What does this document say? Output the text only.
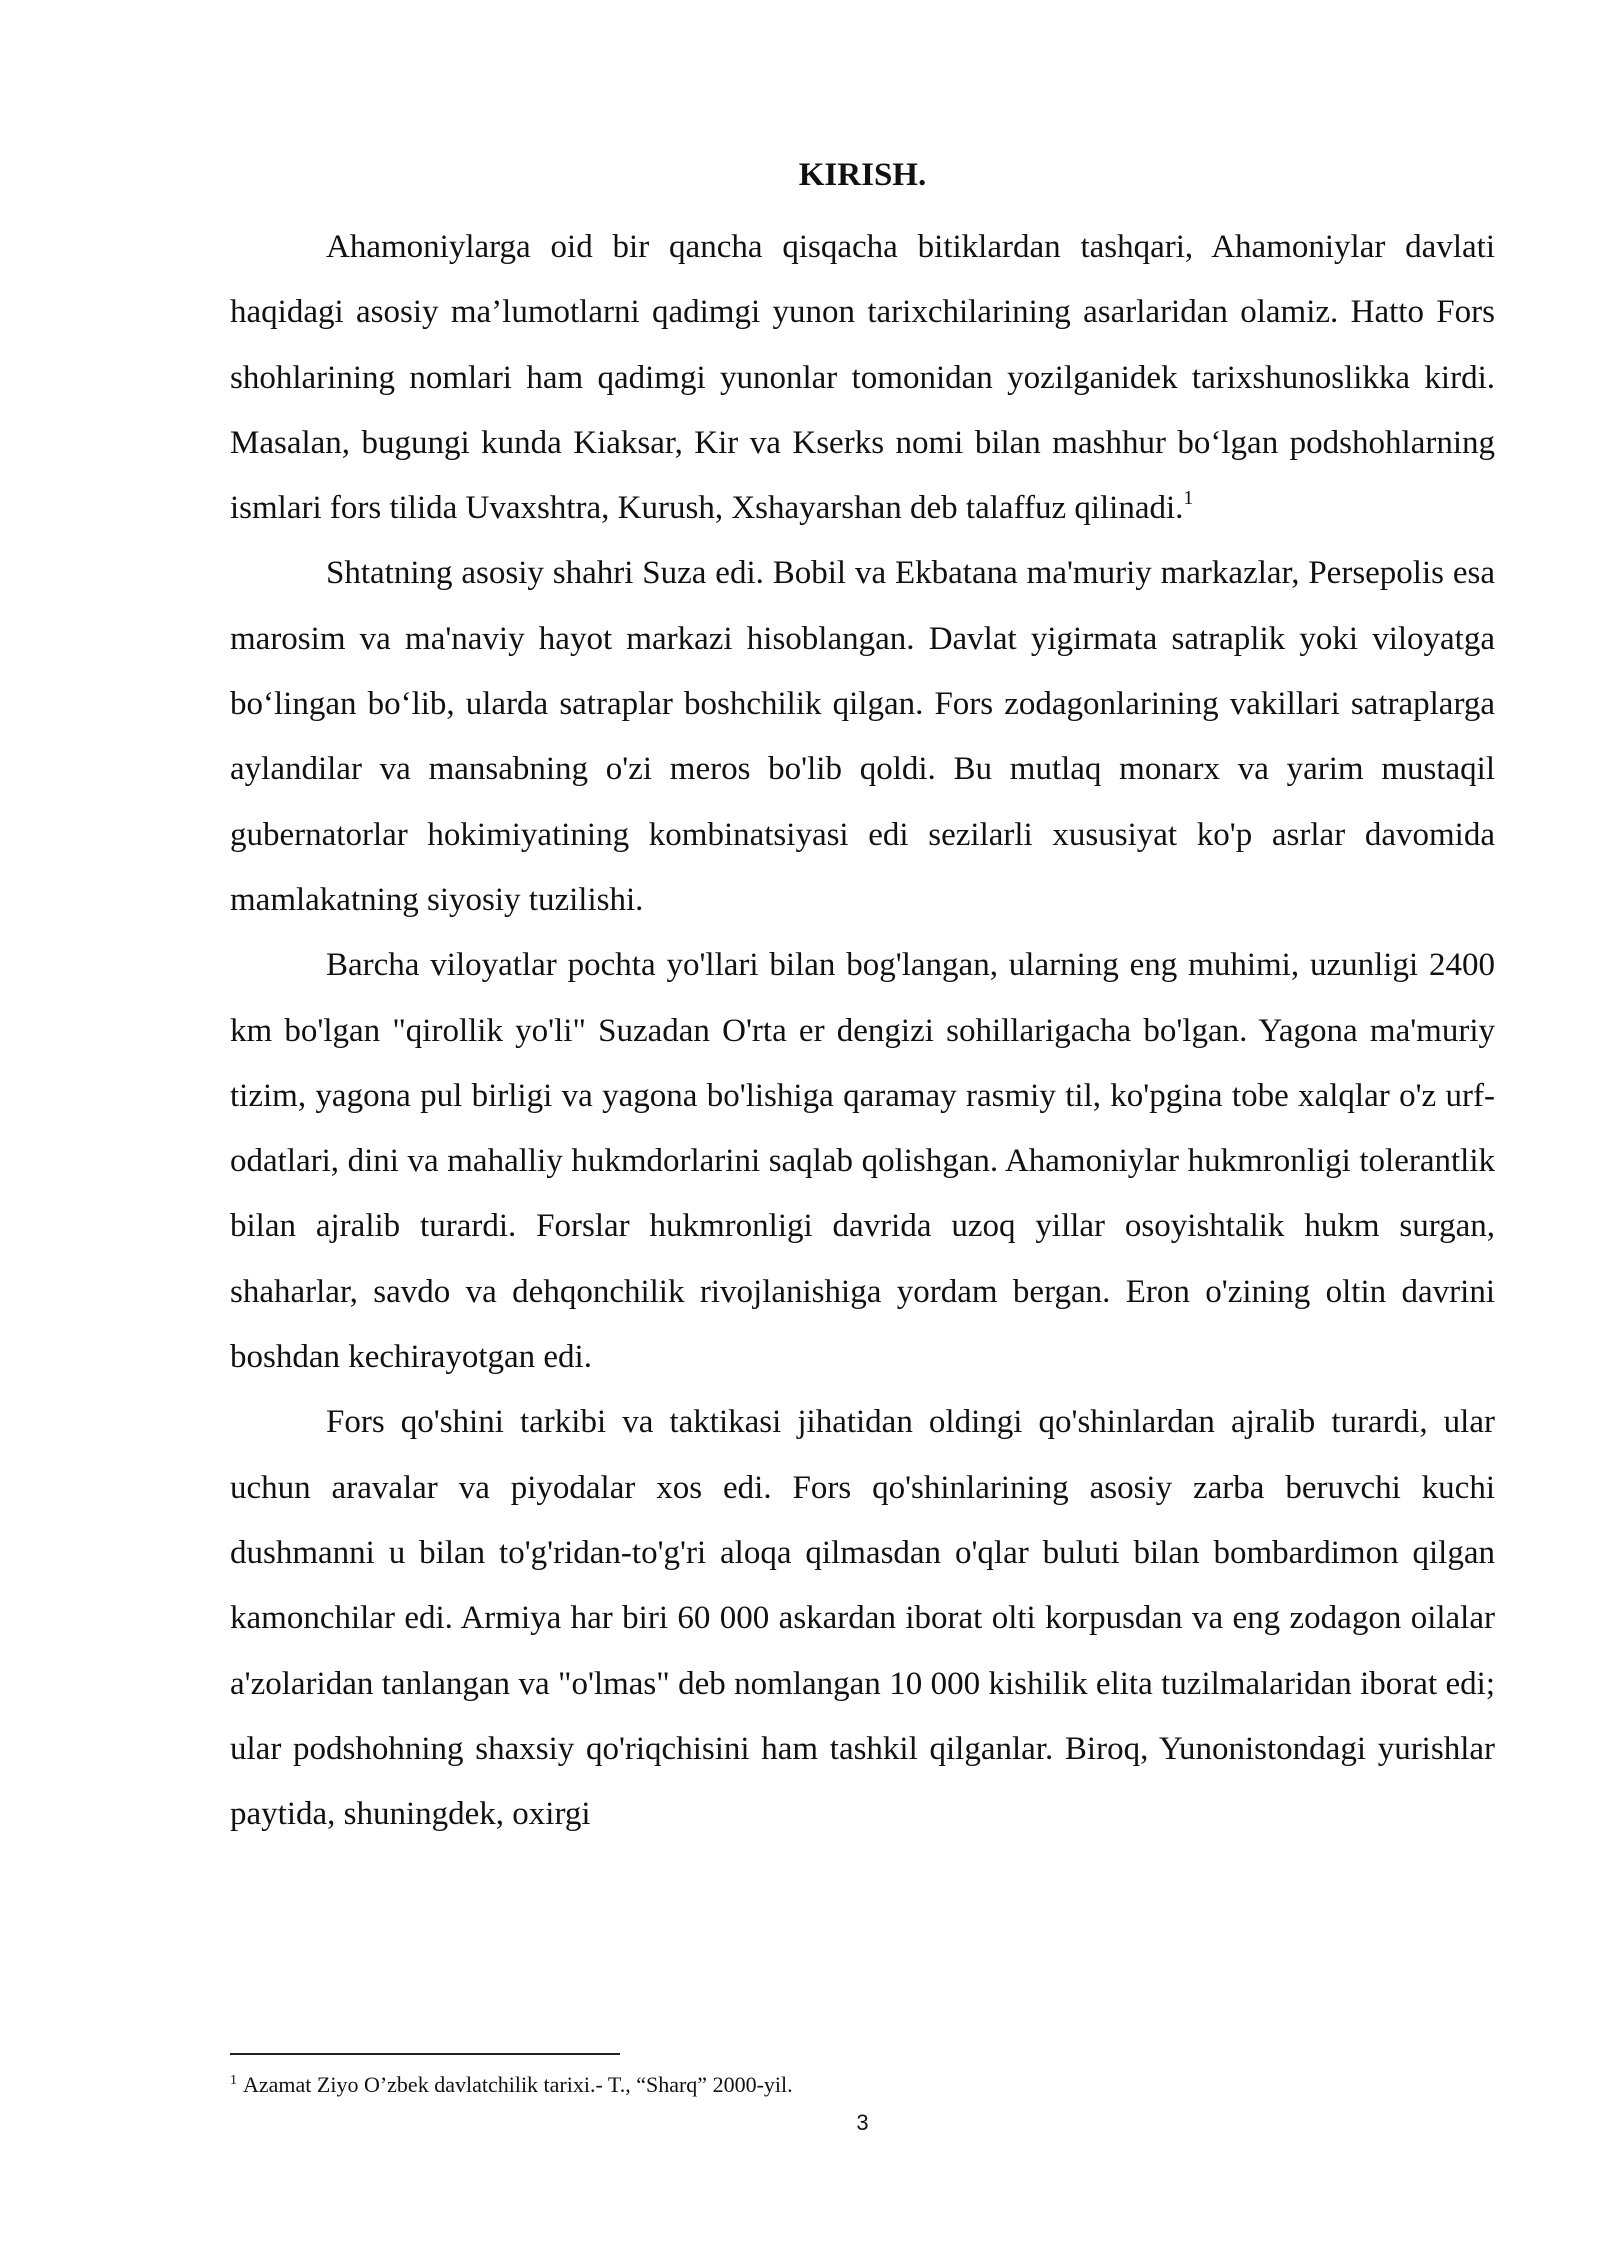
KIRISH.

Ahamoniylarga oid bir qancha qisqacha bitiklardan tashqari, Ahamoniylar davlati haqidagi asosiy ma’lumotlarni qadimgi yunon tarixchilarining asarlaridan olamiz. Hatto Fors shohlarining nomlari ham qadimgi yunonlar tomonidan yozilganidek tarixshunoslikka kirdi. Masalan, bugungi kunda Kiaksar, Kir va Kserks nomi bilan mashhur bo‘lgan podshohlarning ismlari fors tilida Uvaxshtra, Kurush, Xshayarshan deb talaffuz qilinadi.$^1$

Shtatning asosiy shahri Suza edi. Bobil va Ekbatana ma'muriy markazlar, Persepolis esa marosim va ma'naviy hayot markazi hisoblangan. Davlat yigirmata satraplik yoki viloyatga bo‘lingan bo‘lib, ularda satraplar boshchilik qilgan. Fors zodagonlarining vakillari satraplarga aylandilar va mansabning o'zi meros bo'lib qoldi. Bu mutlaq monarx va yarim mustaqil gubernatorlar hokimiyatining kombinatsiyasi edi sezilarli xususiyat ko'p asrlar davomida mamlakatning siyosiy tuzilishi.

Barcha viloyatlar pochta yo'llari bilan bog'langan, ularning eng muhimi, uzunligi 2400 km bo'lgan "qirollik yo'li" Suzadan O'rta er dengizi sohillarigacha bo'lgan. Yagona ma'muriy tizim, yagona pul birligi va yagona bo'lishiga qaramay rasmiy til, ko'pgina tobe xalqlar o'z urf-odatlari, dini va mahalliy hukmdorlarini saqlab qolishgan. Ahamoniylar hukmronligi tolerantlik bilan ajralib turardi. Forslar hukmronligi davrida uzoq yillar osoyishtalik hukm surgan, shaharlar, savdo va dehqonchilik rivojlanishiga yordam bergan. Eron o'zining oltin davrini boshdan kechirayotgan edi.

Fors qo'shini tarkibi va taktikasi jihatidan oldingi qo'shinlardan ajralib turardi, ular uchun aravalar va piyodalar xos edi. Fors qo'shinlarining asosiy zarba beruvchi kuchi dushmanni u bilan to'g'ridan-to'g'ri aloqa qilmasdan o'qlar buluti bilan bombardimon qilgan kamonchilar edi. Armiya har biri 60 000 askardan iborat olti korpusdan va eng zodagon oilalar a'zolaridan tanlangan va "o'lmas" deb nomlangan 10 000 kishilik elita tuzilmalaridan iborat edi; ular podshohning shaxsiy qo'riqchisini ham tashkil qilganlar. Biroq, Yunonistondagi yurishlar paytida, shuningdek, oxirgi

$^1$ Azamat Ziyo O’zbek davlatchilik tarixi.- T., “Sharq” 2000-yil.

3
